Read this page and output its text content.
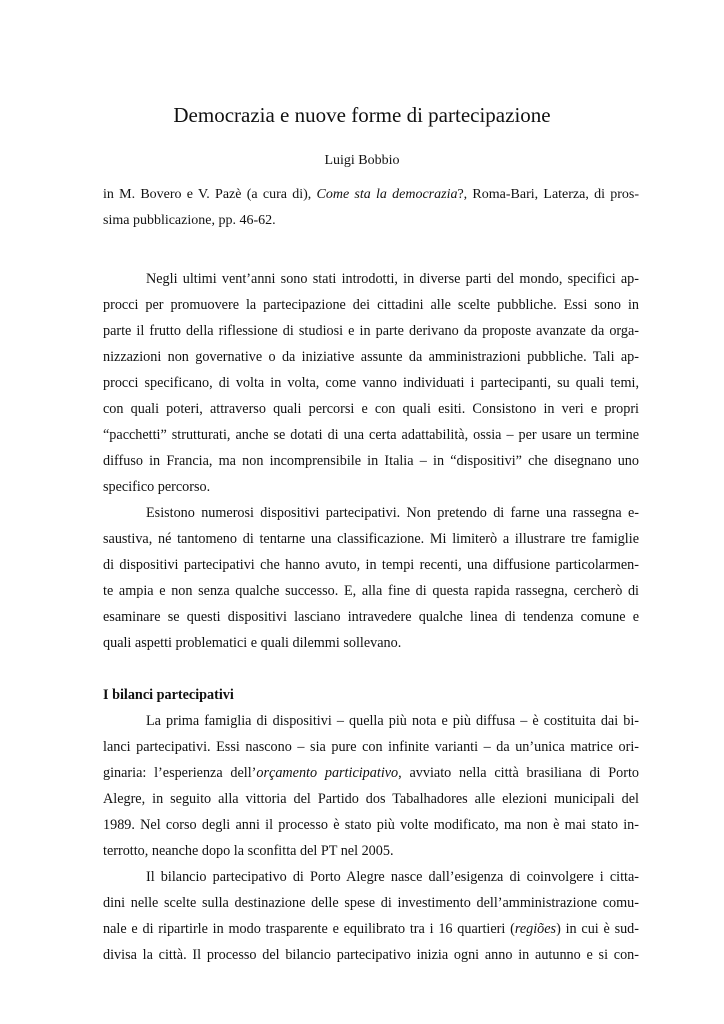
Democrazia e nuove forme di partecipazione
Luigi Bobbio
in M. Bovero e V. Pazè (a cura di), Come sta la democrazia?, Roma-Bari, Laterza, di pros-
sima pubblicazione, pp. 46-62.
Negli ultimi vent’anni sono stati introdotti, in diverse parti del mondo, specifici ap-
procci per promuovere la partecipazione dei cittadini alle scelte pubbliche. Essi sono in
parte il frutto della riflessione di studiosi e in parte derivano da proposte avanzate da orga-
nizzazioni non governative o da iniziative assunte da amministrazioni pubbliche. Tali ap-
procci specificano, di volta in volta, come vanno individuati i partecipanti, su quali temi,
con quali poteri, attraverso quali percorsi e con quali esiti. Consistono in veri e propri
“pacchetti” strutturati, anche se dotati di una certa adattabilità, ossia – per usare un termine
diffuso in Francia, ma non incomprensibile in Italia – in “dispositivi” che disegnano uno
specifico percorso.
Esistono numerosi dispositivi partecipativi. Non pretendo di farne una rassegna e-
saustiva, né tantomeno di tentarne una classificazione. Mi limiterò a illustrare tre famiglie
di dispositivi partecipativi che hanno avuto, in tempi recenti, una diffusione particolarmen-
te ampia e non senza qualche successo. E, alla fine di questa rapida rassegna, cercherò di
esaminare se questi dispositivi lasciano intravedere qualche linea di tendenza comune e
quali aspetti problematici e quali dilemmi sollevano.
I bilanci partecipativi
La prima famiglia di dispositivi – quella più nota e più diffusa – è costituita dai bi-
lanci partecipativi. Essi nascono – sia pure con infinite varianti – da un’unica matrice ori-
ginaria: l’esperienza dell’orçamento participativo, avviato nella città brasiliana di Porto
Alegre, in seguito alla vittoria del Partido dos Tabalhadores alle elezioni municipali del
1989. Nel corso degli anni il processo è stato più volte modificato, ma non è mai stato in-
terrotto, neanche dopo la sconfitta del PT nel 2005.
Il bilancio partecipativo di Porto Alegre nasce dall’esigenza di coinvolgere i citta-
dini nelle scelte sulla destinazione delle spese di investimento dell’amministrazione comu-
nale e di ripartirle in modo trasparente e equilibrato tra i 16 quartieri (regiões) in cui è sud-
divisa la città. Il processo del bilancio partecipativo inizia ogni anno in autunno e si con-
